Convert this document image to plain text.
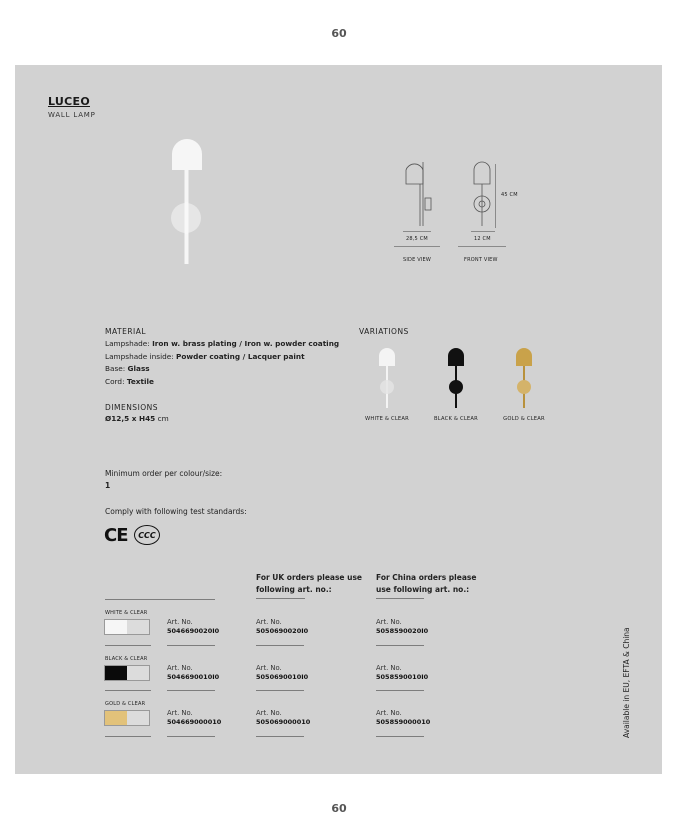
60
60
LUCEO
WALL LAMP
28,5 CM
SIDE VIEW
45 CM
12 CM
FRONT VIEW
MATERIAL
Lampshade: Iron w. brass plating / Iron w. powder coating
Lampshade inside: Powder coating / Lacquer paint
Base: Glass
Cord: Textile
DIMENSIONS
Ø12,5 x H45 cm
VARIATIONS
WHITE & CLEAR	BLACK & CLEAR	GOLD & CLEAR
Minimum order per colour/size:
1
Comply with following test standards:
CE CCC
For UK orders please use
following art. no.:
For China orders please
use following art. no.:
WHITE & CLEAR
Art. No.
5046690020I0
Art. No.
5050690020I0
Art. No.
5058590020I0
BLACK & CLEAR
Art. No.
5046690010I0
Art. No.
5050690010I0
Art. No.
5058590010I0
GOLD & CLEAR
Art. No.
504669000010
Art. No.
505069000010
Art. No.
505859000010	Available in EU, EFTA & China
